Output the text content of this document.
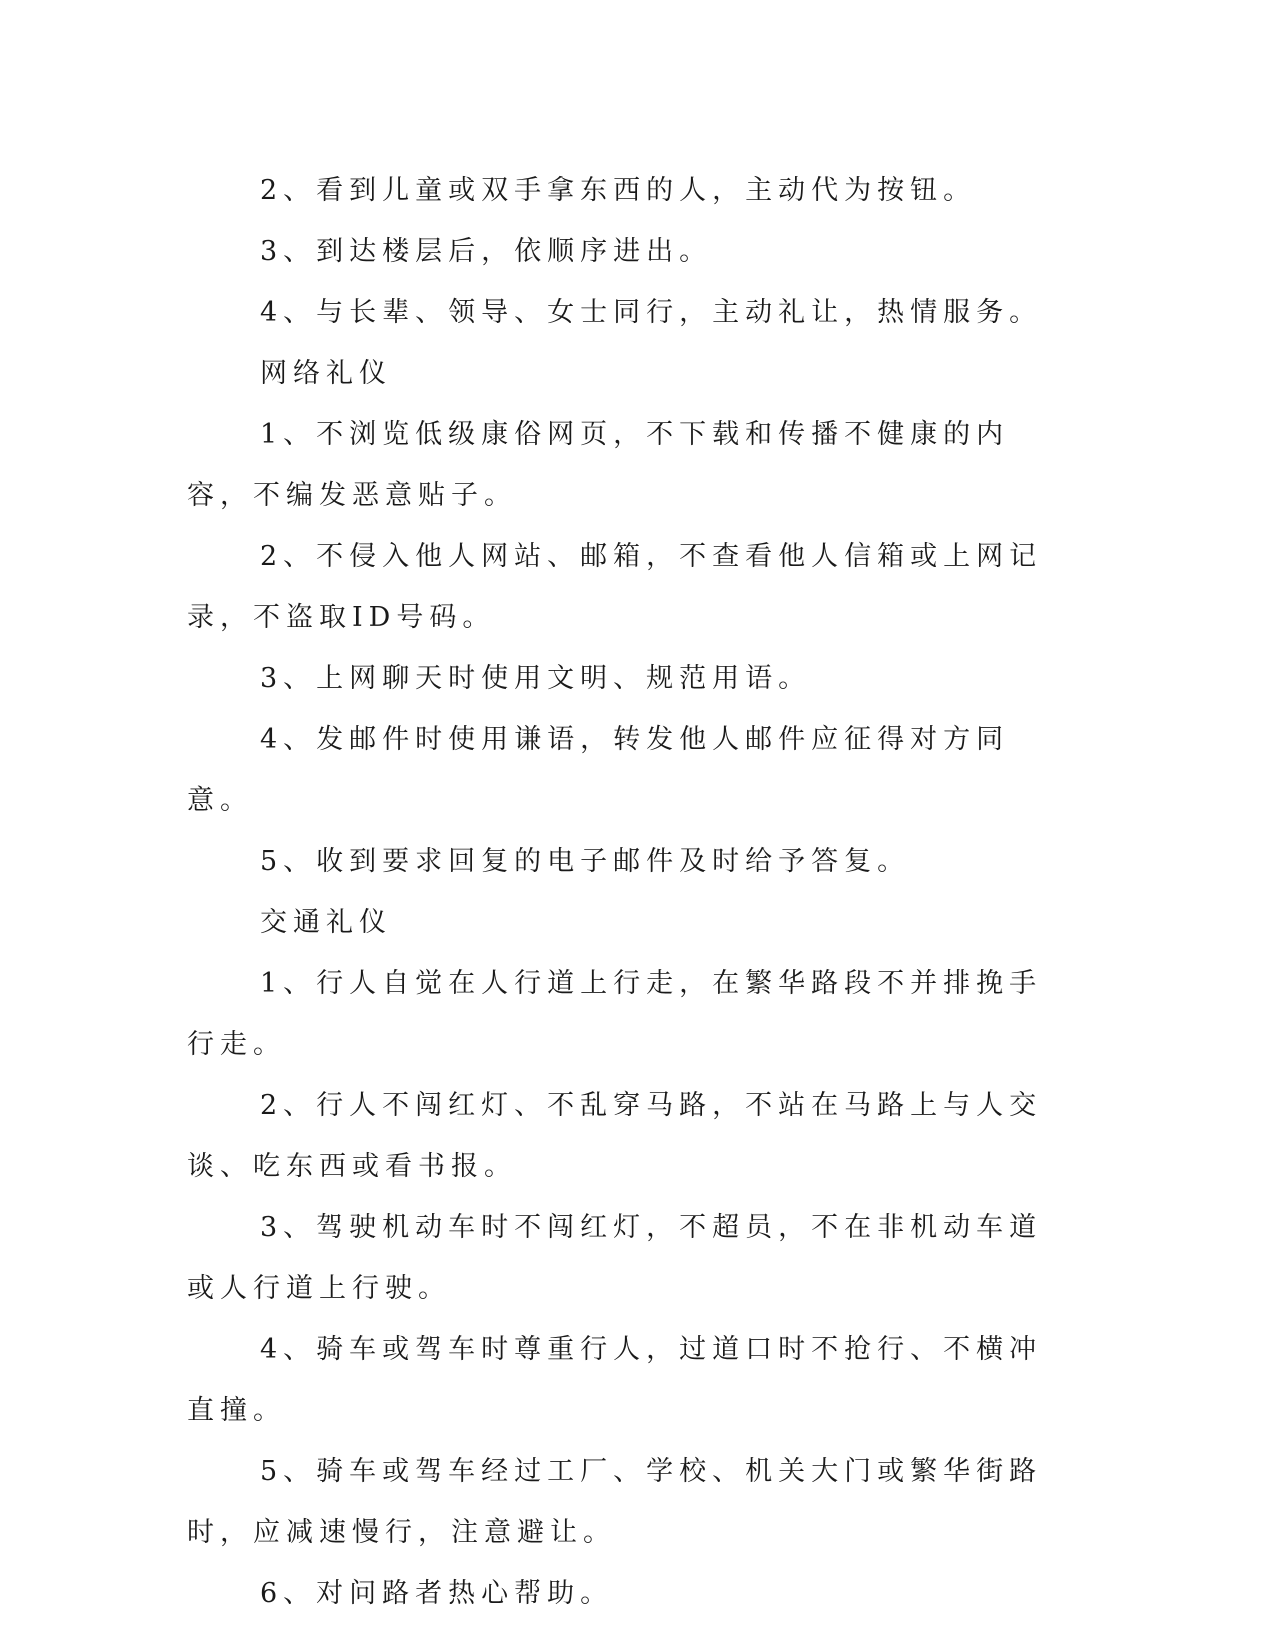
2、看到儿童或双手拿东西的人，主动代为按钮。

3、到达楼层后，依顺序进出。

4、与长辈、领导、女士同行，主动礼让，热情服务。

网络礼仪

1、不浏览低级康俗网页，不下载和传播不健康的内容，不编发恶意贴子。

2、不侵入他人网站、邮箱，不查看他人信箱或上网记录，不盗取ID号码。

3、上网聊天时使用文明、规范用语。

4、发邮件时使用谦语，转发他人邮件应征得对方同意。

5、收到要求回复的电子邮件及时给予答复。

交通礼仪

1、行人自觉在人行道上行走，在繁华路段不并排挽手行走。

2、行人不闯红灯、不乱穿马路，不站在马路上与人交谈、吃东西或看书报。

3、驾驶机动车时不闯红灯，不超员，不在非机动车道或人行道上行驶。

4、骑车或驾车时尊重行人，过道口时不抢行、不横冲直撞。

5、骑车或驾车经过工厂、学校、机关大门或繁华街路时，应减速慢行，注意避让。

6、对问路者热心帮助。
